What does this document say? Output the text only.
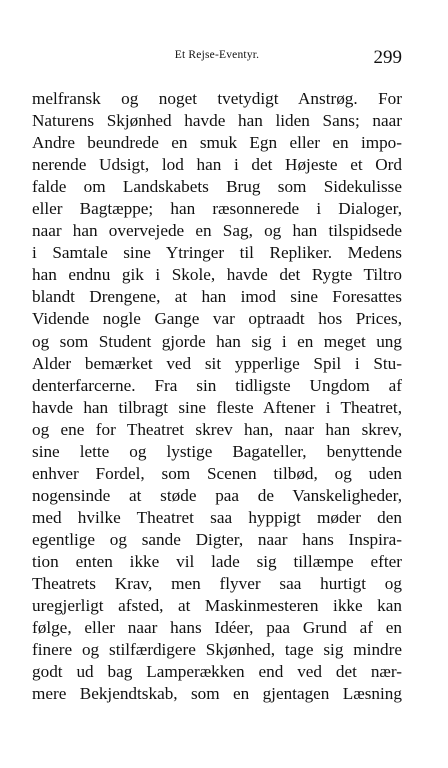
Et Rejse-Eventyr.	299
melfransk og noget tvetydigt Anstrøg. For
Naturens Skjønhed havde han liden Sans; naar
Andre beundrede en smuk Egn eller en impo-
nerende Udsigt, lod han i det Højeste et Ord
falde om Landskabets Brug som Sidekulisse
eller Bagtæppe; han ræsonnerede i Dialoger,
naar han overvejede en Sag, og han tilspidsede
i Samtale sine Ytringer til Repliker. Medens
han endnu gik i Skole, havde det Rygte Tiltro
blandt Drengene, at han imod sine Foresattes
Vidende nogle Gange var optraadt hos Prices,
og som Student gjorde han sig i en meget ung
Alder bemærket ved sit ypperlige Spil i Stu-
denterfarcerne. Fra sin tidligste Ungdom af
havde han tilbragt sine fleste Aftener i Theatret,
og ene for Theatret skrev han, naar han skrev,
sine lette og lystige Bagateller, benyttende
enhver Fordel, som Scenen tilbød, og uden
nogensinde at støde paa de Vanskeligheder,
med hvilke Theatret saa hyppigt møder den
egentlige og sande Digter, naar hans Inspira-
tion enten ikke vil lade sig tillæmpe efter
Theatrets Krav, men flyver saa hurtigt og
uregjerligt afsted, at Maskinmesteren ikke kan
følge, eller naar hans Idéer, paa Grund af en
finere og stilfærdigere Skjønhed, tage sig mindre
godt ud bag Lamperækken end ved det nær-
mere Bekjendtskab, som en gjentagen Læsning
